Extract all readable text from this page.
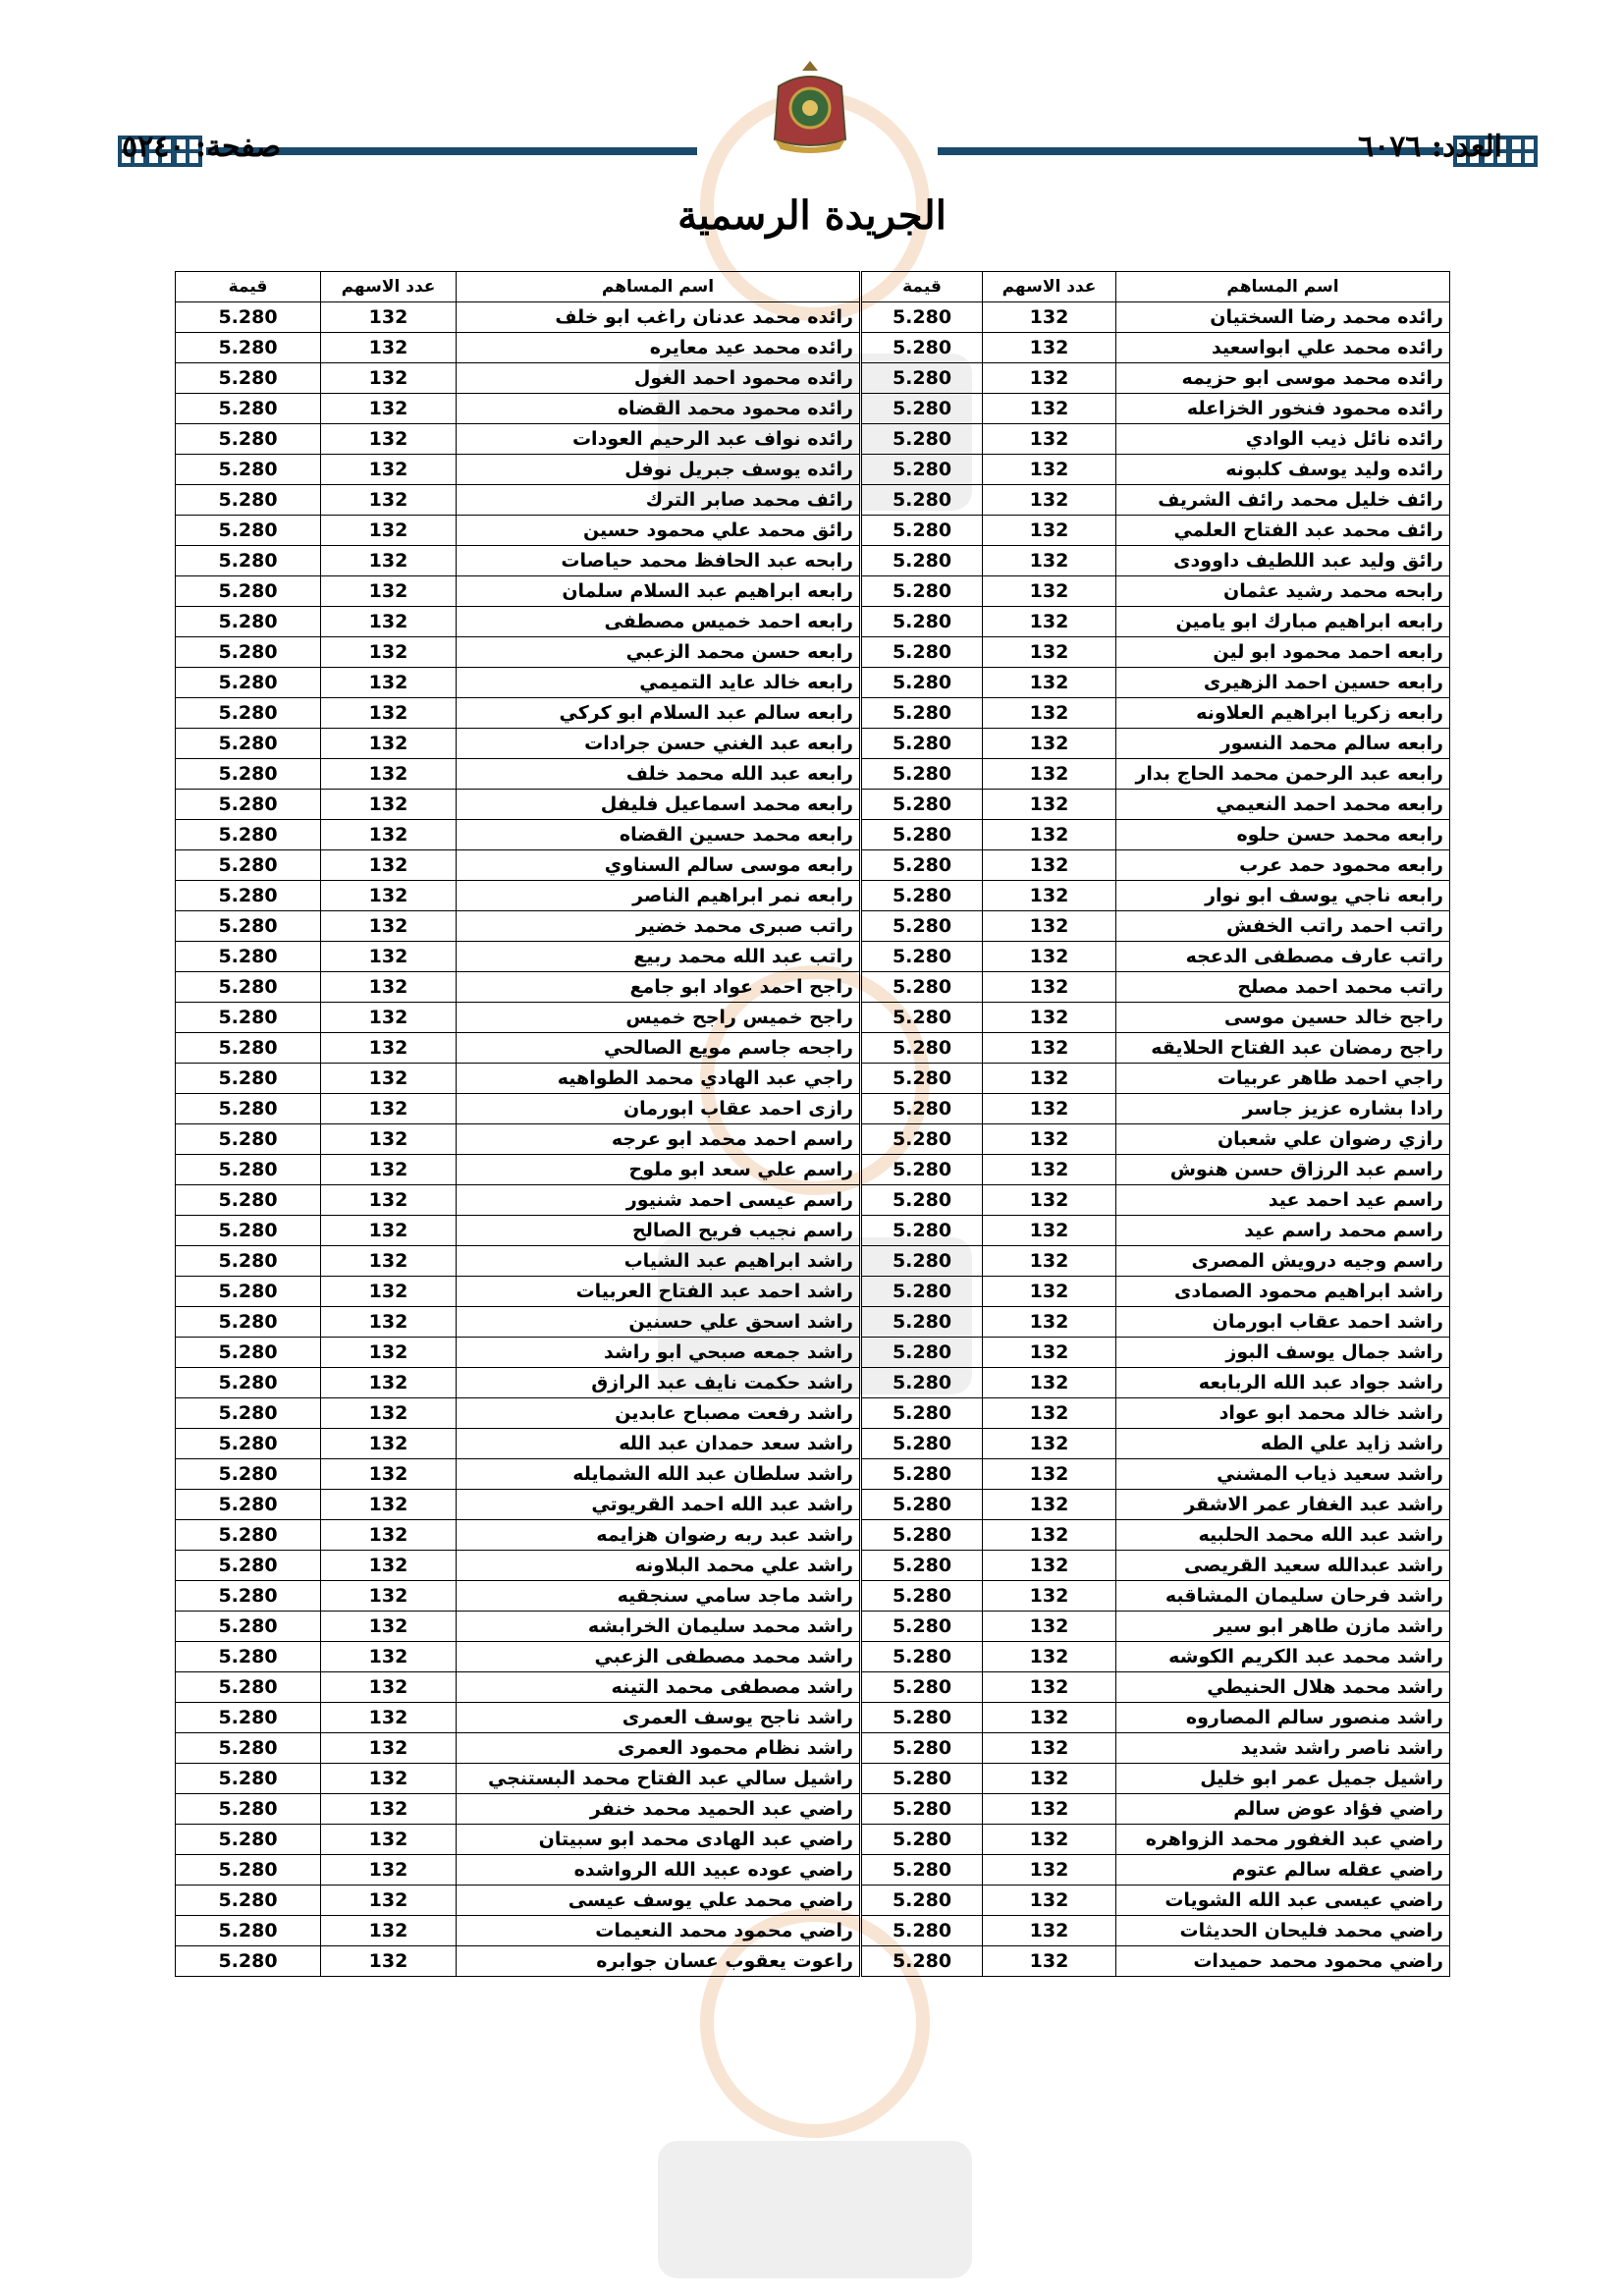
العدد: ٦٠٧٦
صفحة: ٥٢٤٠
الجريدة الرسمية
اسم المساهم	عدد الاسهم	قيمة	اسم المساهم	عدد الاسهم	قيمة
رائده محمد رضا السختيان	132	5.280	رائده محمد عدنان راغب ابو خلف	132	5.280
رائده محمد علي ابواسعيد	132	5.280	رائده محمد عيد معايره	132	5.280
رائده محمد موسى ابو حزيمه	132	5.280	رائده محمود احمد الغول	132	5.280
رائده محمود فنخور الخزاعله	132	5.280	رائده محمود محمد القضاه	132	5.280
رائده نائل ذيب الوادي	132	5.280	رائده نواف عبد الرحيم العودات	132	5.280
رائده وليد يوسف كلبونه	132	5.280	رائده يوسف جبريل نوفل	132	5.280
رائف خليل محمد رائف الشريف	132	5.280	رائف محمد صابر الترك	132	5.280
رائف محمد عبد الفتاح العلمي	132	5.280	رائق محمد علي محمود حسين	132	5.280
رائق وليد عبد اللطيف داوودى	132	5.280	رابحه عبد الحافظ محمد حياصات	132	5.280
رابحه محمد رشيد عثمان	132	5.280	رابعه ابراهيم عبد السلام سلمان	132	5.280
رابعه ابراهيم مبارك ابو يامين	132	5.280	رابعه احمد خميس مصطفى	132	5.280
رابعه احمد محمود ابو لين	132	5.280	رابعه حسن محمد الزعبي	132	5.280
رابعه حسين احمد الزهيرى	132	5.280	رابعه خالد عايد التميمي	132	5.280
رابعه زكريا ابراهيم العلاونه	132	5.280	رابعه سالم عبد السلام ابو كركي	132	5.280
رابعه سالم محمد النسور	132	5.280	رابعه عبد الغني حسن جرادات	132	5.280
رابعه عبد الرحمن محمد الحاج بدار	132	5.280	رابعه عبد الله محمد خلف	132	5.280
رابعه محمد احمد النعيمي	132	5.280	رابعه محمد اسماعيل فليفل	132	5.280
رابعه محمد حسن حلوه	132	5.280	رابعه محمد حسين القضاه	132	5.280
رابعه محمود حمد عرب	132	5.280	رابعه موسى سالم السناوي	132	5.280
رابعه ناجي يوسف ابو نوار	132	5.280	رابعه نمر ابراهيم الناصر	132	5.280
راتب احمد راتب الخفش	132	5.280	راتب صبرى محمد خضير	132	5.280
راتب عارف مصطفى الدعجه	132	5.280	راتب عبد الله محمد ربيع	132	5.280
راتب محمد احمد مصلح	132	5.280	راجح احمد عواد ابو جامع	132	5.280
راجح خالد حسين موسى	132	5.280	راجح خميس راجح خميس	132	5.280
راجح رمضان عبد الفتاح الحلايقه	132	5.280	راجحه جاسم مويع الصالحي	132	5.280
راجي احمد طاهر عربيات	132	5.280	راجي عبد الهادي محمد الطواهيه	132	5.280
رادا بشاره عزيز جاسر	132	5.280	رازى احمد عقاب ابورمان	132	5.280
رازي رضوان علي شعبان	132	5.280	راسم احمد محمد ابو عرجه	132	5.280
راسم عبد الرزاق حسن هنوش	132	5.280	راسم علي سعد ابو ملوح	132	5.280
راسم عيد احمد عيد	132	5.280	راسم عيسى احمد شنيور	132	5.280
راسم محمد راسم عيد	132	5.280	راسم نجيب فريح الصالح	132	5.280
راسم وجيه درويش المصرى	132	5.280	راشد ابراهيم عبد الشياب	132	5.280
راشد ابراهيم محمود الصمادى	132	5.280	راشد احمد عبد الفتاح العربيات	132	5.280
راشد احمد عقاب ابورمان	132	5.280	راشد اسحق علي حسنين	132	5.280
راشد جمال يوسف البوز	132	5.280	راشد جمعه صبحي ابو راشد	132	5.280
راشد جواد عبد الله الربابعه	132	5.280	راشد حكمت نايف عبد الرازق	132	5.280
راشد خالد محمد ابو عواد	132	5.280	راشد رفعت مصباح عابدين	132	5.280
راشد زايد علي الطه	132	5.280	راشد سعد حمدان عبد الله	132	5.280
راشد سعيد ذياب المشني	132	5.280	راشد سلطان عبد الله الشمايله	132	5.280
راشد عبد الغفار عمر الاشقر	132	5.280	راشد عبد الله احمد القريوتي	132	5.280
راشد عبد الله محمد الحلبيه	132	5.280	راشد عبد ربه رضوان هزايمه	132	5.280
راشد عبدالله سعيد القريصى	132	5.280	راشد علي محمد البلاونه	132	5.280
راشد فرحان سليمان المشاقبه	132	5.280	راشد ماجد سامي سنجقيه	132	5.280
راشد مازن طاهر ابو سير	132	5.280	راشد محمد سليمان الخرابشه	132	5.280
راشد محمد عبد الكريم الكوشه	132	5.280	راشد محمد مصطفى الزعبي	132	5.280
راشد محمد هلال الحنيطي	132	5.280	راشد مصطفى محمد التينه	132	5.280
راشد منصور سالم المصاروه	132	5.280	راشد ناجح يوسف العمرى	132	5.280
راشد ناصر راشد شديد	132	5.280	راشد نظام محمود العمرى	132	5.280
راشيل جميل عمر ابو خليل	132	5.280	راشيل سالي عبد الفتاح محمد البستنجي	132	5.280
راضي فؤاد عوض سالم	132	5.280	راضي عبد الحميد محمد خنفر	132	5.280
راضي عبد الغفور محمد الزواهره	132	5.280	راضي عبد الهادى محمد ابو سبيتان	132	5.280
راضي عقله سالم عتوم	132	5.280	راضي عوده عبيد الله الرواشده	132	5.280
راضي عيسى عبد الله الشويات	132	5.280	راضي محمد علي يوسف عيسى	132	5.280
راضي محمد فليحان الحديثات	132	5.280	راضي محمود محمد النعيمات	132	5.280
راضي محمود محمد حميدات	132	5.280	راعوت يعقوب عسان جوابره	132	5.280
